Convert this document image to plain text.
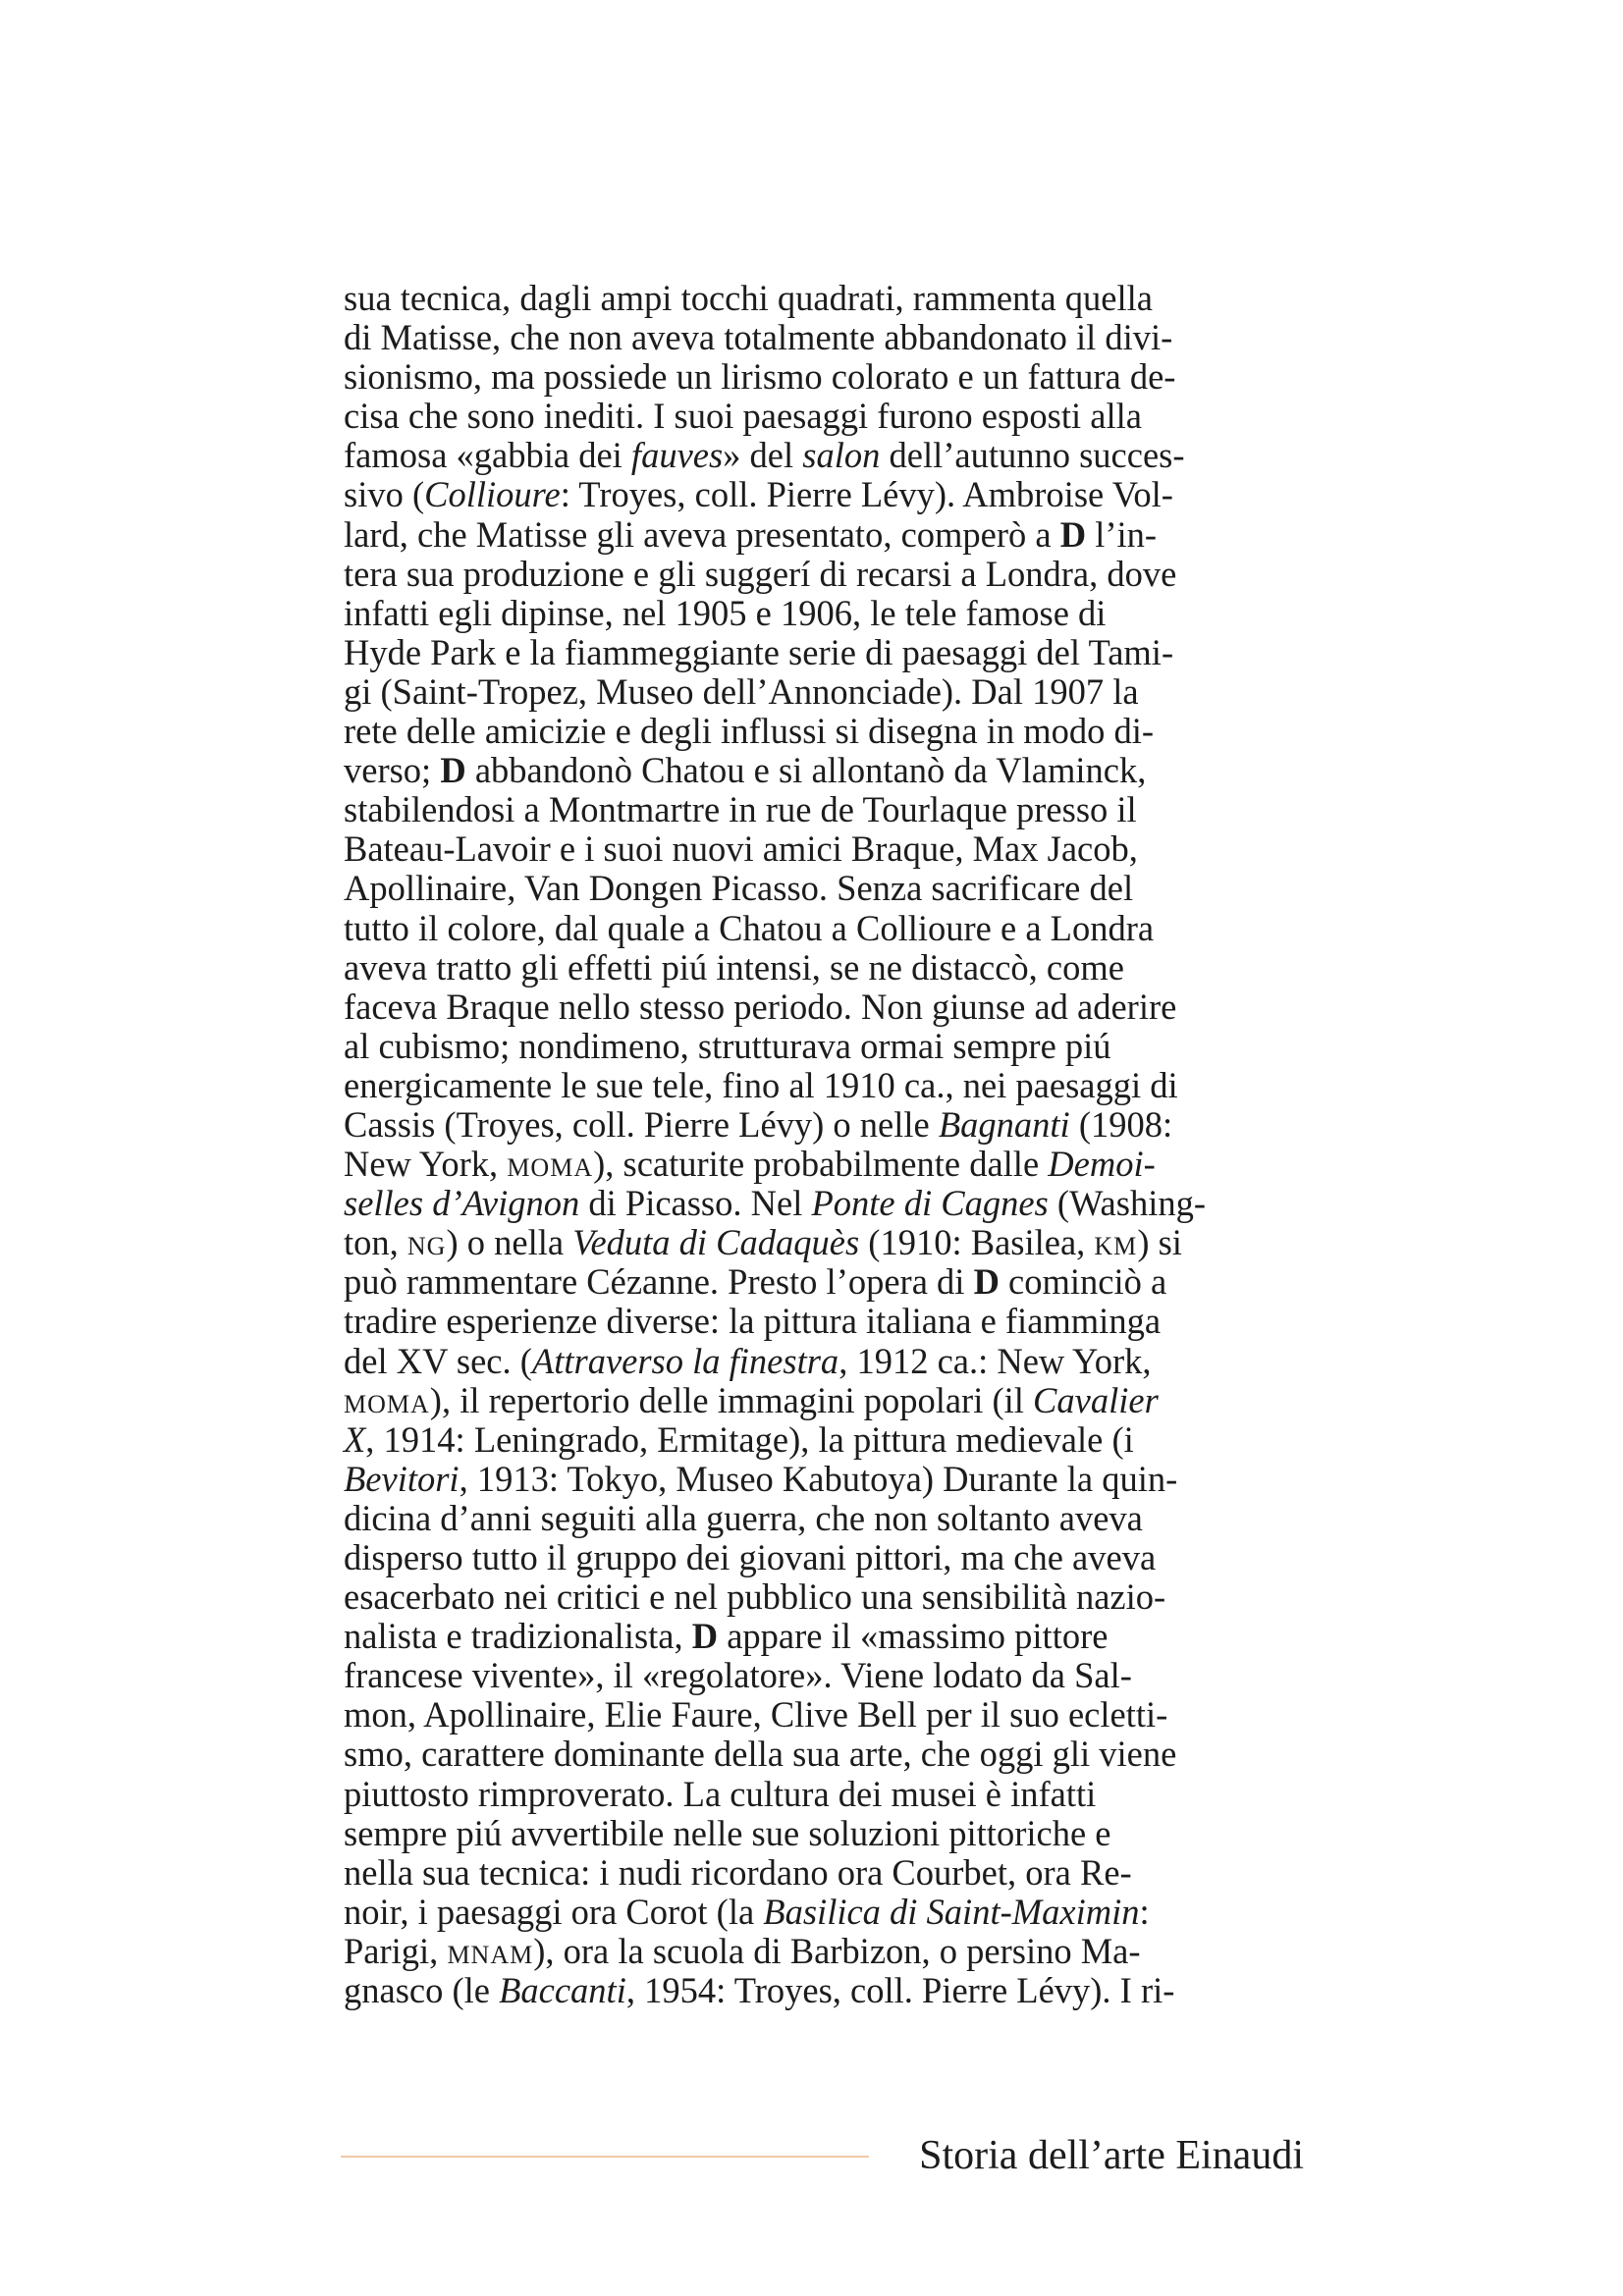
sua tecnica, dagli ampi tocchi quadrati, rammenta quella
di Matisse, che non aveva totalmente abbandonato il divi-
sionismo, ma possiede un lirismo colorato e un fattura de-
cisa che sono inediti. I suoi paesaggi furono esposti alla
famosa «gabbia dei fauves» del salon dell’autunno succes-
sivo (Collioure: Troyes, coll. Pierre Lévy). Ambroise Vol-
lard, che Matisse gli aveva presentato, comperò a D l’in-
tera sua produzione e gli suggerí di recarsi a Londra, dove
infatti egli dipinse, nel 1905 e 1906, le tele famose di
Hyde Park e la fiammeggiante serie di paesaggi del Tami-
gi (Saint-Tropez, Museo dell’Annonciade). Dal 1907 la
rete delle amicizie e degli influssi si disegna in modo di-
verso; D abbandonò Chatou e si allontanò da Vlaminck,
stabilendosi a Montmartre in rue de Tourlaque presso il
Bateau-Lavoir e i suoi nuovi amici Braque, Max Jacob,
Apollinaire, Van Dongen Picasso. Senza sacrificare del
tutto il colore, dal quale a Chatou a Collioure e a Londra
aveva tratto gli effetti piú intensi, se ne distaccò, come
faceva Braque nello stesso periodo. Non giunse ad aderire
al cubismo; nondimeno, strutturava ormai sempre piú
energicamente le sue tele, fino al 1910 ca., nei paesaggi di
Cassis (Troyes, coll. Pierre Lévy) o nelle Bagnanti (1908:
New York, moma), scaturite probabilmente dalle Demoi-
selles d’Avignon di Picasso. Nel Ponte di Cagnes (Washing-
ton, ng) o nella Veduta di Cadaquès (1910: Basilea, km) si
può rammentare Cézanne. Presto l’opera di D cominciò a
tradire esperienze diverse: la pittura italiana e fiamminga
del XV sec. (Attraverso la finestra, 1912 ca.: New York,
moma), il repertorio delle immagini popolari (il Cavalier
X, 1914: Leningrado, Ermitage), la pittura medievale (i
Bevitori, 1913: Tokyo, Museo Kabutoya) Durante la quin-
dicina d’anni seguiti alla guerra, che non soltanto aveva
disperso tutto il gruppo dei giovani pittori, ma che aveva
esacerbato nei critici e nel pubblico una sensibilità nazio-
nalista e tradizionalista, D appare il «massimo pittore
francese vivente», il «regolatore». Viene lodato da Sal-
mon, Apollinaire, Elie Faure, Clive Bell per il suo ecletti-
smo, carattere dominante della sua arte, che oggi gli viene
piuttosto rimproverato. La cultura dei musei è infatti
sempre piú avvertibile nelle sue soluzioni pittoriche e
nella sua tecnica: i nudi ricordano ora Courbet, ora Re-
noir, i paesaggi ora Corot (la Basilica di Saint-Maximin:
Parigi, mnam), ora la scuola di Barbizon, o persino Ma-
gnasco (le Baccanti, 1954: Troyes, coll. Pierre Lévy). I ri-
Storia dell’arte Einaudi
